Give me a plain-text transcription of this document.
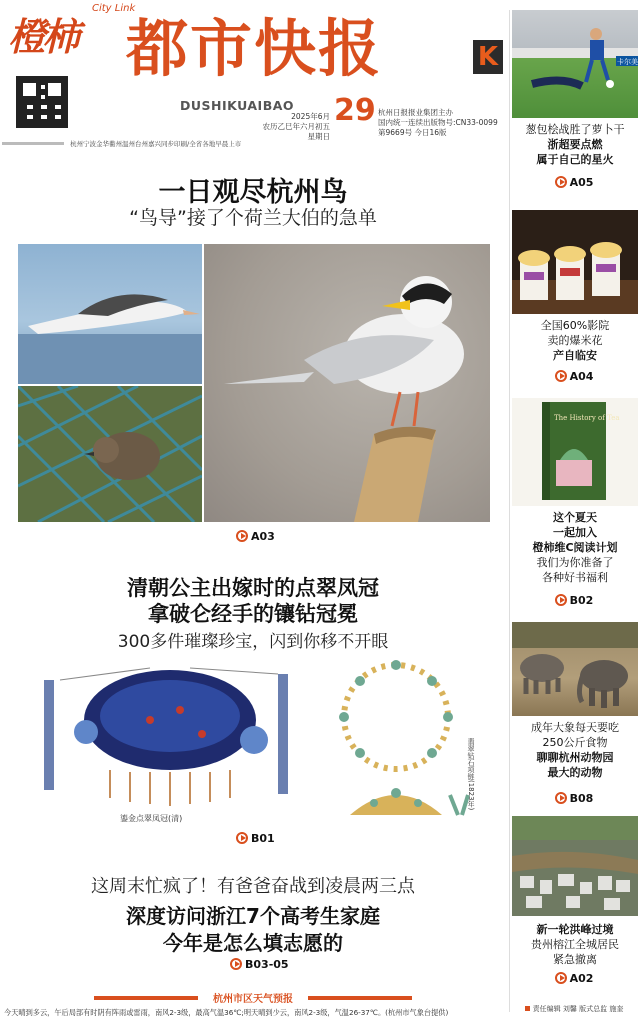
橙柿
City Link
都市快报	K
DUSHIKUAIBAO 29
2025年6月
农历乙巳年六月初五
星期日
杭州日报报业集团主办
国内统一连续出版物号:CN33-0099
第9669号 今日16版
杭州宁波金华衢州温州台州嘉兴同步印刷/全省各地早晨上市
一日观尽杭州鸟
“鸟导”接了个荷兰大伯的急单
A03
清朝公主出嫁时的点翠凤冠
拿破仑经手的镶钻冠冕
300多件璀璨珍宝，闪到你移不开眼
鎏金点翠凤冠(清)
翡翠钻石项链(1823年)
B01
这周末忙疯了！有爸爸奋战到凌晨两三点
深度访问浙江7个高考生家庭
今年是怎么填志愿的
B03-05
杭州市区天气预报
今天晴到多云，午后局部有时阴有阵雨或雷雨，南风2-3级，最高气温36℃;明天晴到少云，南风2-3级，气温26-37℃。(杭州市气象台提供)
卡尔美
葱包桧战胜了萝卜干
浙超要点燃
属于自己的星火
A05
全国60%影院
卖的爆米花
产自临安
A04
The History of Tea
这个夏天
一起加入
橙柿维C阅读计划
我们为你准备了
各种好书福利
B02
成年大象每天要吃
250公斤食物
聊聊杭州动物园
最大的动物
B08
新一轮洪峰过境
贵州榕江全城居民
紧急撤离
A02
责任编辑 刘馨 版式总监 施奎
